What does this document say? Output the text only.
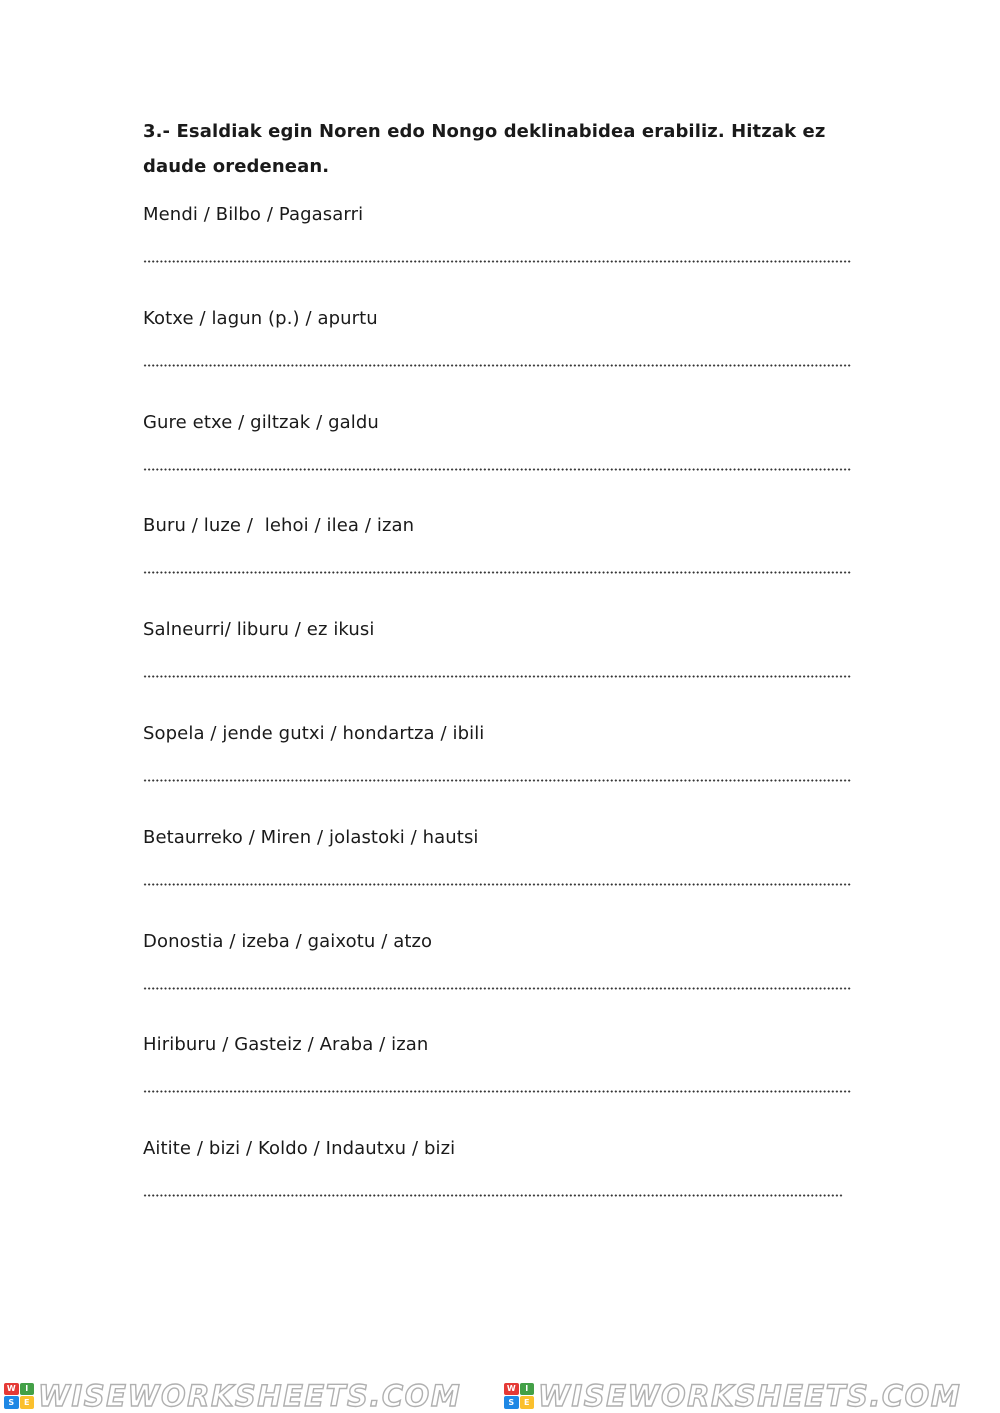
3.- Esaldiak egin Noren edo Nongo deklinabidea erabiliz. Hitzak ez daude oredenean.
Mendi / Bilbo / Pagasarri
Kotxe / lagun (p.) / apurtu
Gure etxe / giltzak / galdu
Buru / luze /  lehoi / ilea / izan
Salneurri/ liburu / ez ikusi
Sopela / jende gutxi / hondartza / ibili
Betaurreko / Miren / jolastoki / hautsi
Donostia / izeba / gaixotu / atzo
Hiriburu / Gasteiz / Araba / izan
Aitite / bizi / Koldo / Indautxu / bizi
W	I
S	E WISEWORKSHEETS.COM	W	I
S	E WISEWORKSHEETS.COM
